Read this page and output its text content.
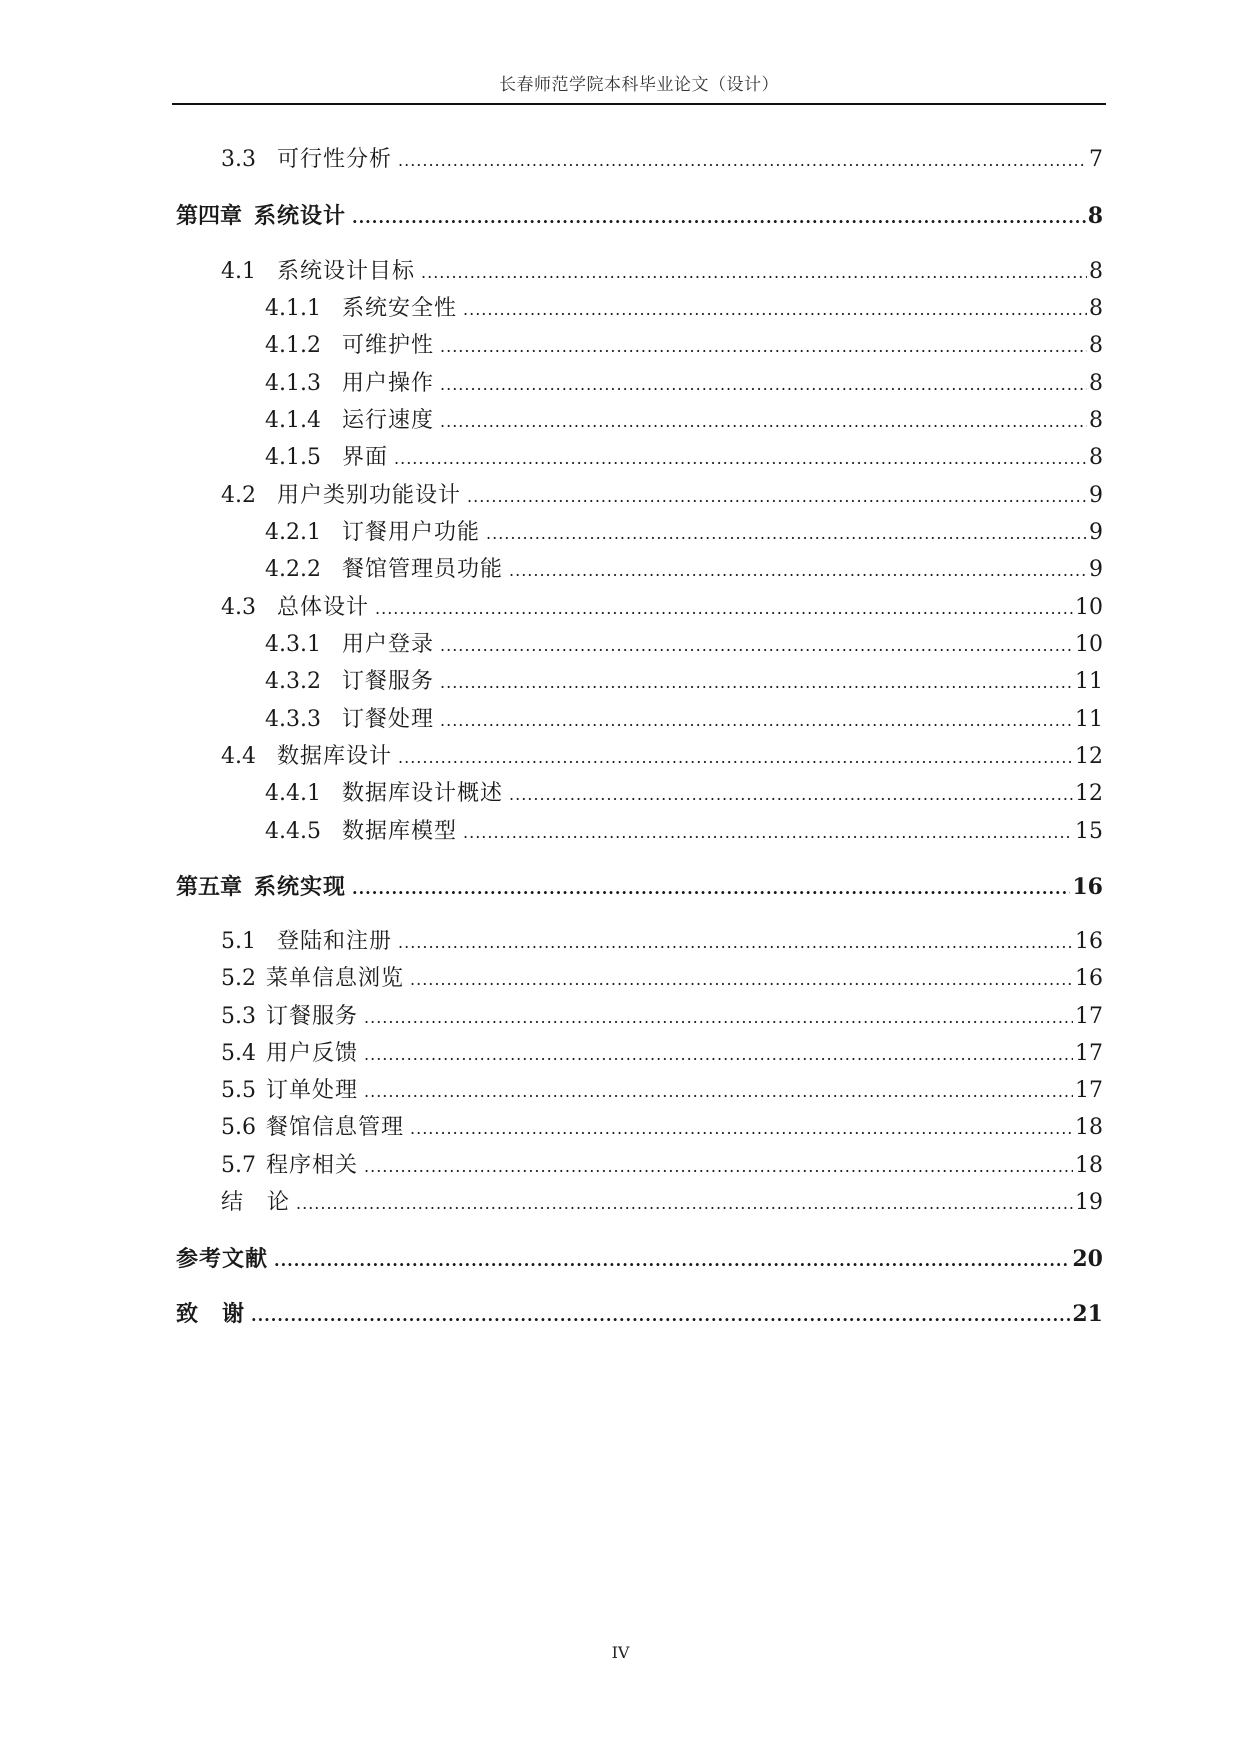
长春师范学院本科毕业论文（设计）
3.3 可行性分析 .....	7
第四章 系统设计 .....	8
4.1 系统设计目标 .....	8
4.1.1 系统安全性 .....	8
4.1.2 可维护性 .....	8
4.1.3 用户操作 .....	8
4.1.4 运行速度 .....	8
4.1.5 界面 .....	8
4.2 用户类别功能设计 .....	9
4.2.1 订餐用户功能 .....	9
4.2.2 餐馆管理员功能 .....	9
4.3 总体设计 .....	10
4.3.1 用户登录 .....	10
4.3.2 订餐服务 .....	11
4.3.3 订餐处理 .....	11
4.4 数据库设计 .....	12
4.4.1 数据库设计概述 .....	12
4.4.5 数据库模型 .....	15
第五章 系统实现 .....	16
5.1 登陆和注册 .....	16
5.2 菜单信息浏览 .....	16
5.3 订餐服务 .....	17
5.4 用户反馈 .....	17
5.5 订单处理 .....	17
5.6 餐馆信息管理 .....	18
5.7 程序相关 .....	18
结　论 .....	19
参考文献 .....	20
致　谢 .....	21
IV
